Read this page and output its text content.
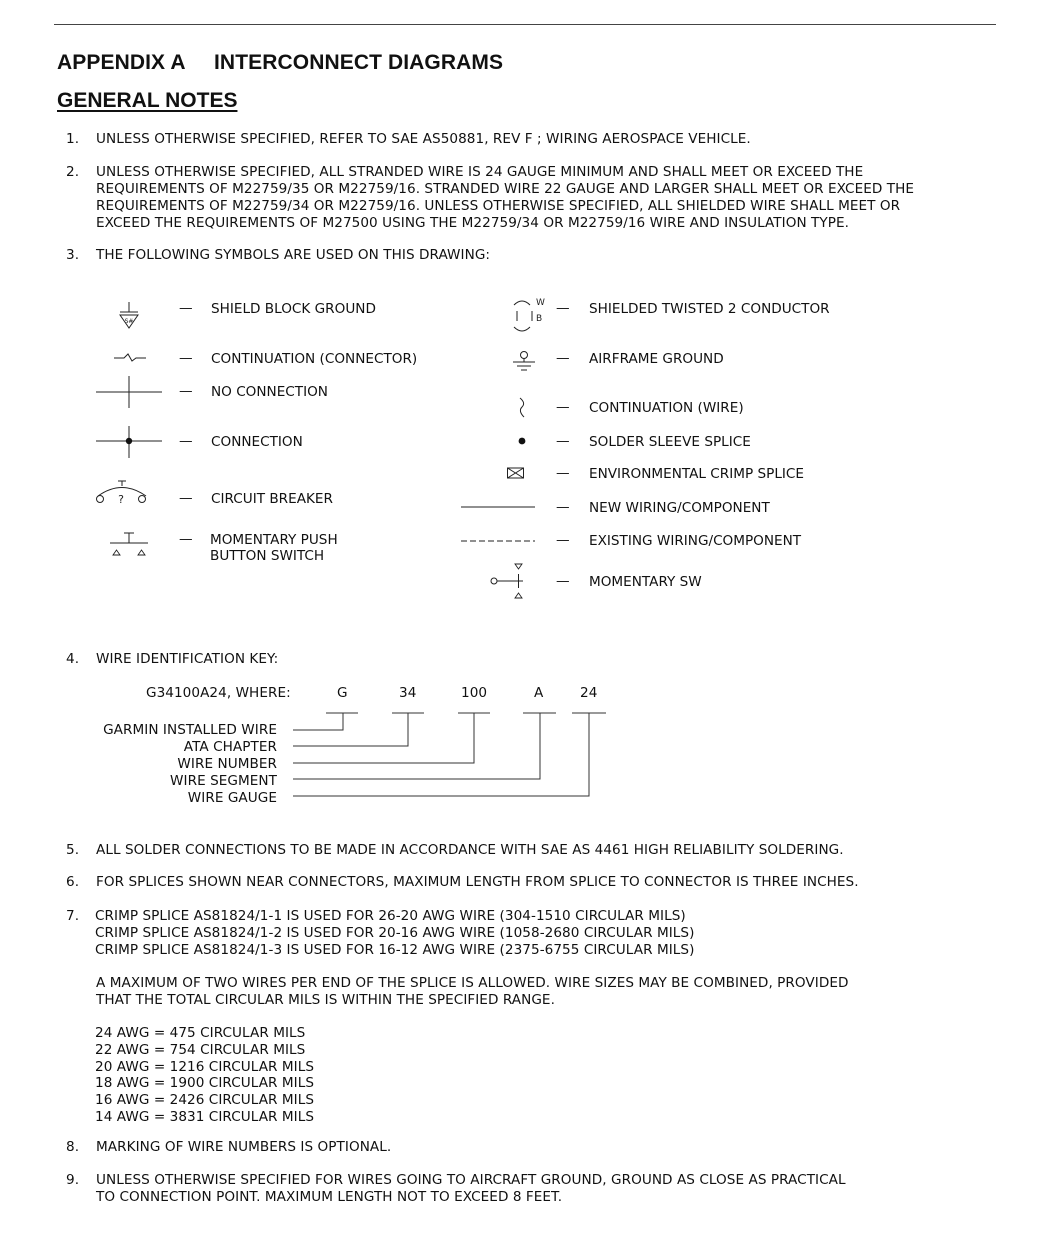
APPENDIX A INTERCONNECT DIAGRAMS
GENERAL NOTES
1. UNLESS OTHERWISE SPECIFIED, REFER TO SAE AS50881, REV F ; WIRING AEROSPACE VEHICLE.
2. UNLESS OTHERWISE SPECIFIED, ALL STRANDED WIRE IS 24 GAUGE MINIMUM AND SHALL MEET OR EXCEED THE
REQUIREMENTS OF M22759/35 OR M22759/16. STRANDED WIRE 22 GAUGE AND LARGER SHALL MEET OR EXCEED THE
REQUIREMENTS OF M22759/34 OR M22759/16. UNLESS OTHERWISE SPECIFIED, ALL SHIELDED WIRE SHALL MEET OR
EXCEED THE REQUIREMENTS OF M27500 USING THE M22759/34 OR M22759/16 WIRE AND INSULATION TYPE.
3. THE FOLLOWING SYMBOLS ARE USED ON THIS DRAWING:
S#
— SHIELD BLOCK GROUND
— CONTINUATION (CONNECTOR)
— NO CONNECTION
— CONNECTION
?	— CIRCUIT BREAKER
— MOMENTARY PUSH
BUTTON SWITCH
W
B
— SHIELDED TWISTED 2 CONDUCTOR
— AIRFRAME GROUND
— CONTINUATION (WIRE)
— SOLDER SLEEVE SPLICE
— ENVIRONMENTAL CRIMP SPLICE
— NEW WIRING/COMPONENT
— EXISTING WIRING/COMPONENT
— MOMENTARY SW
4. WIRE IDENTIFICATION KEY:
G34100A24, WHERE:	G	34	100	A	24
GARMIN INSTALLED WIRE
ATA CHAPTER
WIRE NUMBER
WIRE SEGMENT
WIRE GAUGE
5. ALL SOLDER CONNECTIONS TO BE MADE IN ACCORDANCE WITH SAE AS 4461 HIGH RELIABILITY SOLDERING.
6. FOR SPLICES SHOWN NEAR CONNECTORS, MAXIMUM LENGTH FROM SPLICE TO CONNECTOR IS THREE INCHES.
7. CRIMP SPLICE AS81824/1-1 IS USED FOR 26-20 AWG WIRE (304-1510 CIRCULAR MILS)
CRIMP SPLICE AS81824/1-2 IS USED FOR 20-16 AWG WIRE (1058-2680 CIRCULAR MILS)
CRIMP SPLICE AS81824/1-3 IS USED FOR 16-12 AWG WIRE (2375-6755 CIRCULAR MILS)
A MAXIMUM OF TWO WIRES PER END OF THE SPLICE IS ALLOWED. WIRE SIZES MAY BE COMBINED, PROVIDED
THAT THE TOTAL CIRCULAR MILS IS WITHIN THE SPECIFIED RANGE.
24 AWG = 475 CIRCULAR MILS
22 AWG = 754 CIRCULAR MILS
20 AWG = 1216 CIRCULAR MILS
18 AWG = 1900 CIRCULAR MILS
16 AWG = 2426 CIRCULAR MILS
14 AWG = 3831 CIRCULAR MILS
8. MARKING OF WIRE NUMBERS IS OPTIONAL.
9. UNLESS OTHERWISE SPECIFIED FOR WIRES GOING TO AIRCRAFT GROUND, GROUND AS CLOSE AS PRACTICAL
TO CONNECTION POINT. MAXIMUM LENGTH NOT TO EXCEED 8 FEET.
